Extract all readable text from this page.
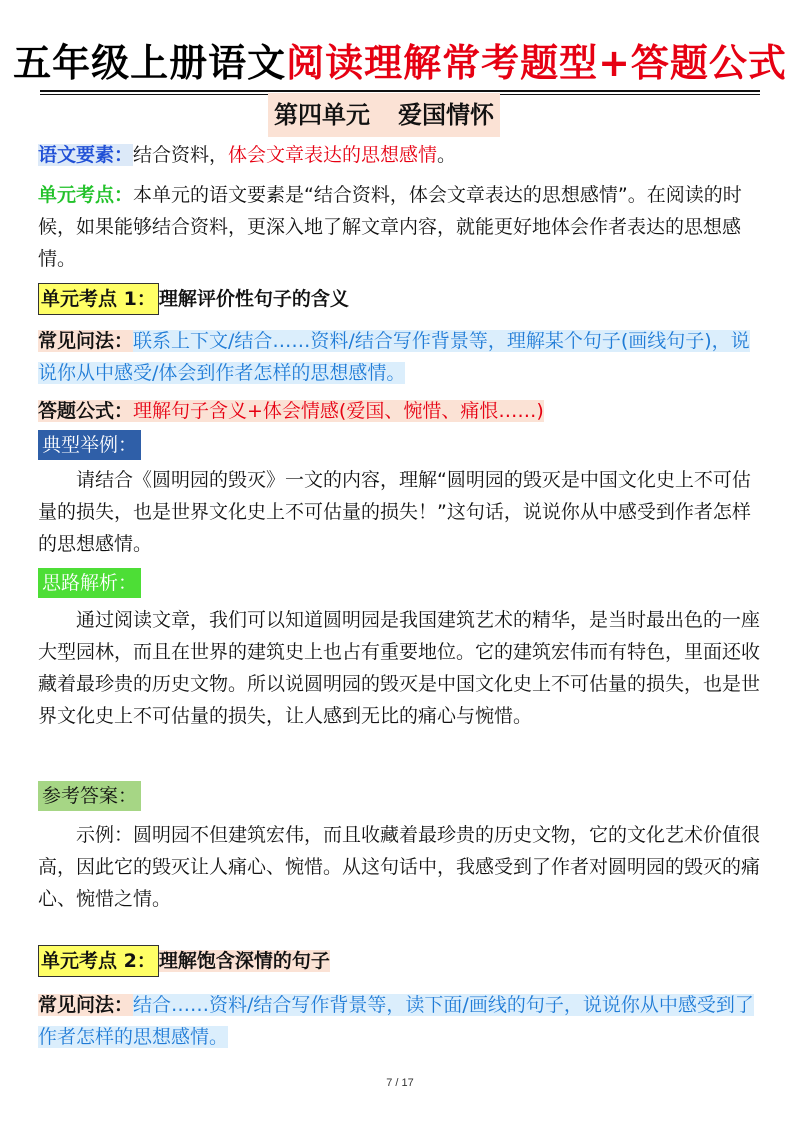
五年级上册语文阅读理解常考题型+答题公式
第四单元 爱国情怀
语文要素：结合资料，体会文章表达的思想感情。
单元考点：本单元的语文要素是“结合资料，体会文章表达的思想感情”。在阅读的时候，如果能够结合资料，更深入地了解文章内容，就能更好地体会作者表达的思想感情。
单元考点 1： 理解评价性句子的含义
常见问法：联系上下文/结合……资料/结合写作背景等，理解某个句子(画线句子)，说说你从中感受/体会到作者怎样的思想感情。
答题公式：理解句子含义+体会情感(爱国、惋惜、痛恨……)
典型举例：
请结合《圆明园的毁灭》一文的内容，理解“圆明园的毁灭是中国文化史上不可估量的损失，也是世界文化史上不可估量的损失！”这句话，说说你从中感受到作者怎样的思想感情。
思路解析：
通过阅读文章，我们可以知道圆明园是我国建筑艺术的精华，是当时最出色的一座大型园林，而且在世界的建筑史上也占有重要地位。它的建筑宏伟而有特色，里面还收藏着最珍贵的历史文物。所以说圆明园的毁灭是中国文化史上不可估量的损失，也是世界文化史上不可估量的损失，让人感到无比的痛心与惋惜。
参考答案：
示例：圆明园不但建筑宏伟，而且收藏着最珍贵的历史文物，它的文化艺术价值很高，因此它的毁灭让人痛心、惋惜。从这句话中，我感受到了作者对圆明园的毁灭的痛心、惋惜之情。
单元考点 2： 理解饱含深情的句子
常见问法：结合……资料/结合写作背景等，读下面/画线的句子，说说你从中感受到了作者怎样的思想感情。
7 / 17
